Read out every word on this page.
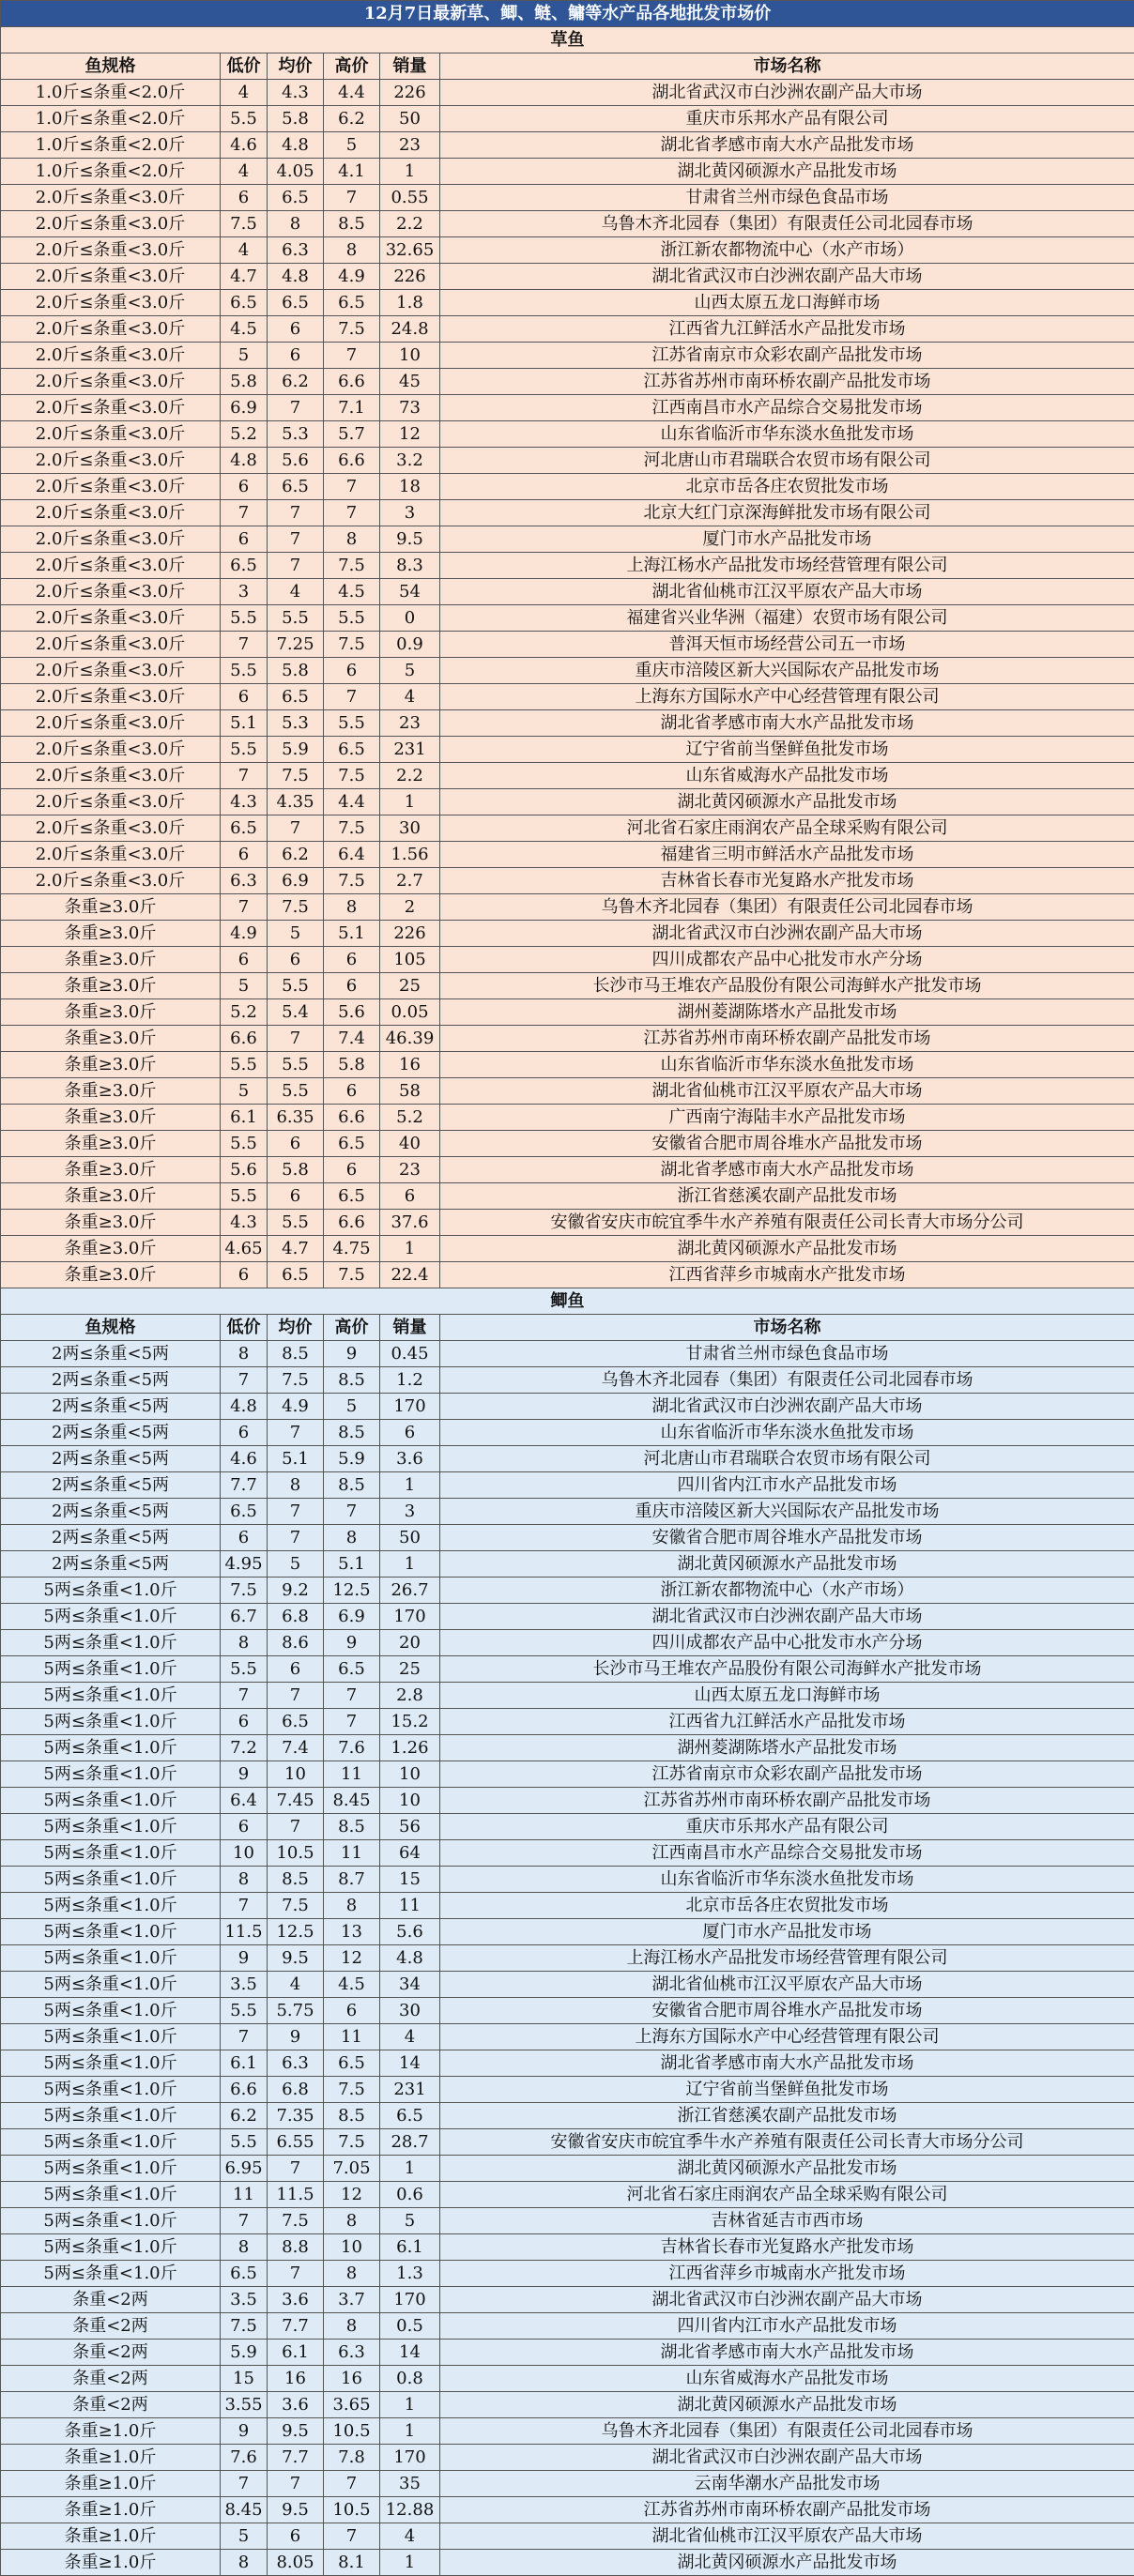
12月7日最新草、鲫、鲢、鳙等水产品各地批发市场价					
草鱼					
鱼规格	低价	均价	高价	销量	市场名称
1.0斤≤条重<2.0斤	4	4.3	4.4	226	湖北省武汉市白沙洲农副产品大市场
1.0斤≤条重<2.0斤	5.5	5.8	6.2	50	重庆市乐邦水产品有限公司
1.0斤≤条重<2.0斤	4.6	4.8	5	23	湖北省孝感市南大水产品批发市场
1.0斤≤条重<2.0斤	4	4.05	4.1	1	湖北黄冈硕源水产品批发市场
2.0斤≤条重<3.0斤	6	6.5	7	0.55	甘肃省兰州市绿色食品市场
2.0斤≤条重<3.0斤	7.5	8	8.5	2.2	乌鲁木齐北园春（集团）有限责任公司北园春市场
2.0斤≤条重<3.0斤	4	6.3	8	32.65	浙江新农都物流中心（水产市场）
2.0斤≤条重<3.0斤	4.7	4.8	4.9	226	湖北省武汉市白沙洲农副产品大市场
2.0斤≤条重<3.0斤	6.5	6.5	6.5	1.8	山西太原五龙口海鲜市场
2.0斤≤条重<3.0斤	4.5	6	7.5	24.8	江西省九江鲜活水产品批发市场
2.0斤≤条重<3.0斤	5	6	7	10	江苏省南京市众彩农副产品批发市场
2.0斤≤条重<3.0斤	5.8	6.2	6.6	45	江苏省苏州市南环桥农副产品批发市场
2.0斤≤条重<3.0斤	6.9	7	7.1	73	江西南昌市水产品综合交易批发市场
2.0斤≤条重<3.0斤	5.2	5.3	5.7	12	山东省临沂市华东淡水鱼批发市场
2.0斤≤条重<3.0斤	4.8	5.6	6.6	3.2	河北唐山市君瑞联合农贸市场有限公司
2.0斤≤条重<3.0斤	6	6.5	7	18	北京市岳各庄农贸批发市场
2.0斤≤条重<3.0斤	7	7	7	3	北京大红门京深海鲜批发市场有限公司
2.0斤≤条重<3.0斤	6	7	8	9.5	厦门市水产品批发市场
2.0斤≤条重<3.0斤	6.5	7	7.5	8.3	上海江杨水产品批发市场经营管理有限公司
2.0斤≤条重<3.0斤	3	4	4.5	54	湖北省仙桃市江汉平原农产品大市场
2.0斤≤条重<3.0斤	5.5	5.5	5.5	0	福建省兴业华洲（福建）农贸市场有限公司
2.0斤≤条重<3.0斤	7	7.25	7.5	0.9	普洱天恒市场经营公司五一市场
2.0斤≤条重<3.0斤	5.5	5.8	6	5	重庆市涪陵区新大兴国际农产品批发市场
2.0斤≤条重<3.0斤	6	6.5	7	4	上海东方国际水产中心经营管理有限公司
2.0斤≤条重<3.0斤	5.1	5.3	5.5	23	湖北省孝感市南大水产品批发市场
2.0斤≤条重<3.0斤	5.5	5.9	6.5	231	辽宁省前当堡鲜鱼批发市场
2.0斤≤条重<3.0斤	7	7.5	7.5	2.2	山东省威海水产品批发市场
2.0斤≤条重<3.0斤	4.3	4.35	4.4	1	湖北黄冈硕源水产品批发市场
2.0斤≤条重<3.0斤	6.5	7	7.5	30	河北省石家庄雨润农产品全球采购有限公司
2.0斤≤条重<3.0斤	6	6.2	6.4	1.56	福建省三明市鲜活水产品批发市场
2.0斤≤条重<3.0斤	6.3	6.9	7.5	2.7	吉林省长春市光复路水产批发市场
条重≥3.0斤	7	7.5	8	2	乌鲁木齐北园春（集团）有限责任公司北园春市场
条重≥3.0斤	4.9	5	5.1	226	湖北省武汉市白沙洲农副产品大市场
条重≥3.0斤	6	6	6	105	四川成都农产品中心批发市水产分场
条重≥3.0斤	5	5.5	6	25	长沙市马王堆农产品股份有限公司海鲜水产批发市场
条重≥3.0斤	5.2	5.4	5.6	0.05	湖州菱湖陈塔水产品批发市场
条重≥3.0斤	6.6	7	7.4	46.39	江苏省苏州市南环桥农副产品批发市场
条重≥3.0斤	5.5	5.5	5.8	16	山东省临沂市华东淡水鱼批发市场
条重≥3.0斤	5	5.5	6	58	湖北省仙桃市江汉平原农产品大市场
条重≥3.0斤	6.1	6.35	6.6	5.2	广西南宁海陆丰水产品批发市场
条重≥3.0斤	5.5	6	6.5	40	安徽省合肥市周谷堆水产品批发市场
条重≥3.0斤	5.6	5.8	6	23	湖北省孝感市南大水产品批发市场
条重≥3.0斤	5.5	6	6.5	6	浙江省慈溪农副产品批发市场
条重≥3.0斤	4.3	5.5	6.6	37.6	安徽省安庆市皖宜季牛水产养殖有限责任公司长青大市场分公司
条重≥3.0斤	4.65	4.7	4.75	1	湖北黄冈硕源水产品批发市场
条重≥3.0斤	6	6.5	7.5	22.4	江西省萍乡市城南水产批发市场
鲫鱼					
鱼规格	低价	均价	高价	销量	市场名称
2两≤条重<5两	8	8.5	9	0.45	甘肃省兰州市绿色食品市场
2两≤条重<5两	7	7.5	8.5	1.2	乌鲁木齐北园春（集团）有限责任公司北园春市场
2两≤条重<5两	4.8	4.9	5	170	湖北省武汉市白沙洲农副产品大市场
2两≤条重<5两	6	7	8.5	6	山东省临沂市华东淡水鱼批发市场
2两≤条重<5两	4.6	5.1	5.9	3.6	河北唐山市君瑞联合农贸市场有限公司
2两≤条重<5两	7.7	8	8.5	1	四川省内江市水产品批发市场
2两≤条重<5两	6.5	7	7	3	重庆市涪陵区新大兴国际农产品批发市场
2两≤条重<5两	6	7	8	50	安徽省合肥市周谷堆水产品批发市场
2两≤条重<5两	4.95	5	5.1	1	湖北黄冈硕源水产品批发市场
5两≤条重<1.0斤	7.5	9.2	12.5	26.7	浙江新农都物流中心（水产市场）
5两≤条重<1.0斤	6.7	6.8	6.9	170	湖北省武汉市白沙洲农副产品大市场
5两≤条重<1.0斤	8	8.6	9	20	四川成都农产品中心批发市水产分场
5两≤条重<1.0斤	5.5	6	6.5	25	长沙市马王堆农产品股份有限公司海鲜水产批发市场
5两≤条重<1.0斤	7	7	7	2.8	山西太原五龙口海鲜市场
5两≤条重<1.0斤	6	6.5	7	15.2	江西省九江鲜活水产品批发市场
5两≤条重<1.0斤	7.2	7.4	7.6	1.26	湖州菱湖陈塔水产品批发市场
5两≤条重<1.0斤	9	10	11	10	江苏省南京市众彩农副产品批发市场
5两≤条重<1.0斤	6.4	7.45	8.45	10	江苏省苏州市南环桥农副产品批发市场
5两≤条重<1.0斤	6	7	8.5	56	重庆市乐邦水产品有限公司
5两≤条重<1.0斤	10	10.5	11	64	江西南昌市水产品综合交易批发市场
5两≤条重<1.0斤	8	8.5	8.7	15	山东省临沂市华东淡水鱼批发市场
5两≤条重<1.0斤	7	7.5	8	11	北京市岳各庄农贸批发市场
5两≤条重<1.0斤	11.5	12.5	13	5.6	厦门市水产品批发市场
5两≤条重<1.0斤	9	9.5	12	4.8	上海江杨水产品批发市场经营管理有限公司
5两≤条重<1.0斤	3.5	4	4.5	34	湖北省仙桃市江汉平原农产品大市场
5两≤条重<1.0斤	5.5	5.75	6	30	安徽省合肥市周谷堆水产品批发市场
5两≤条重<1.0斤	7	9	11	4	上海东方国际水产中心经营管理有限公司
5两≤条重<1.0斤	6.1	6.3	6.5	14	湖北省孝感市南大水产品批发市场
5两≤条重<1.0斤	6.6	6.8	7.5	231	辽宁省前当堡鲜鱼批发市场
5两≤条重<1.0斤	6.2	7.35	8.5	6.5	浙江省慈溪农副产品批发市场
5两≤条重<1.0斤	5.5	6.55	7.5	28.7	安徽省安庆市皖宜季牛水产养殖有限责任公司长青大市场分公司
5两≤条重<1.0斤	6.95	7	7.05	1	湖北黄冈硕源水产品批发市场
5两≤条重<1.0斤	11	11.5	12	0.6	河北省石家庄雨润农产品全球采购有限公司
5两≤条重<1.0斤	7	7.5	8	5	吉林省延吉市西市场
5两≤条重<1.0斤	8	8.8	10	6.1	吉林省长春市光复路水产批发市场
5两≤条重<1.0斤	6.5	7	8	1.3	江西省萍乡市城南水产批发市场
条重<2两	3.5	3.6	3.7	170	湖北省武汉市白沙洲农副产品大市场
条重<2两	7.5	7.7	8	0.5	四川省内江市水产品批发市场
条重<2两	5.9	6.1	6.3	14	湖北省孝感市南大水产品批发市场
条重<2两	15	16	16	0.8	山东省威海水产品批发市场
条重<2两	3.55	3.6	3.65	1	湖北黄冈硕源水产品批发市场
条重≥1.0斤	9	9.5	10.5	1	乌鲁木齐北园春（集团）有限责任公司北园春市场
条重≥1.0斤	7.6	7.7	7.8	170	湖北省武汉市白沙洲农副产品大市场
条重≥1.0斤	7	7	7	35	云南华潮水产品批发市场
条重≥1.0斤	8.45	9.5	10.5	12.88	江苏省苏州市南环桥农副产品批发市场
条重≥1.0斤	5	6	7	4	湖北省仙桃市江汉平原农产品大市场
条重≥1.0斤	8	8.05	8.1	1	湖北黄冈硕源水产品批发市场
